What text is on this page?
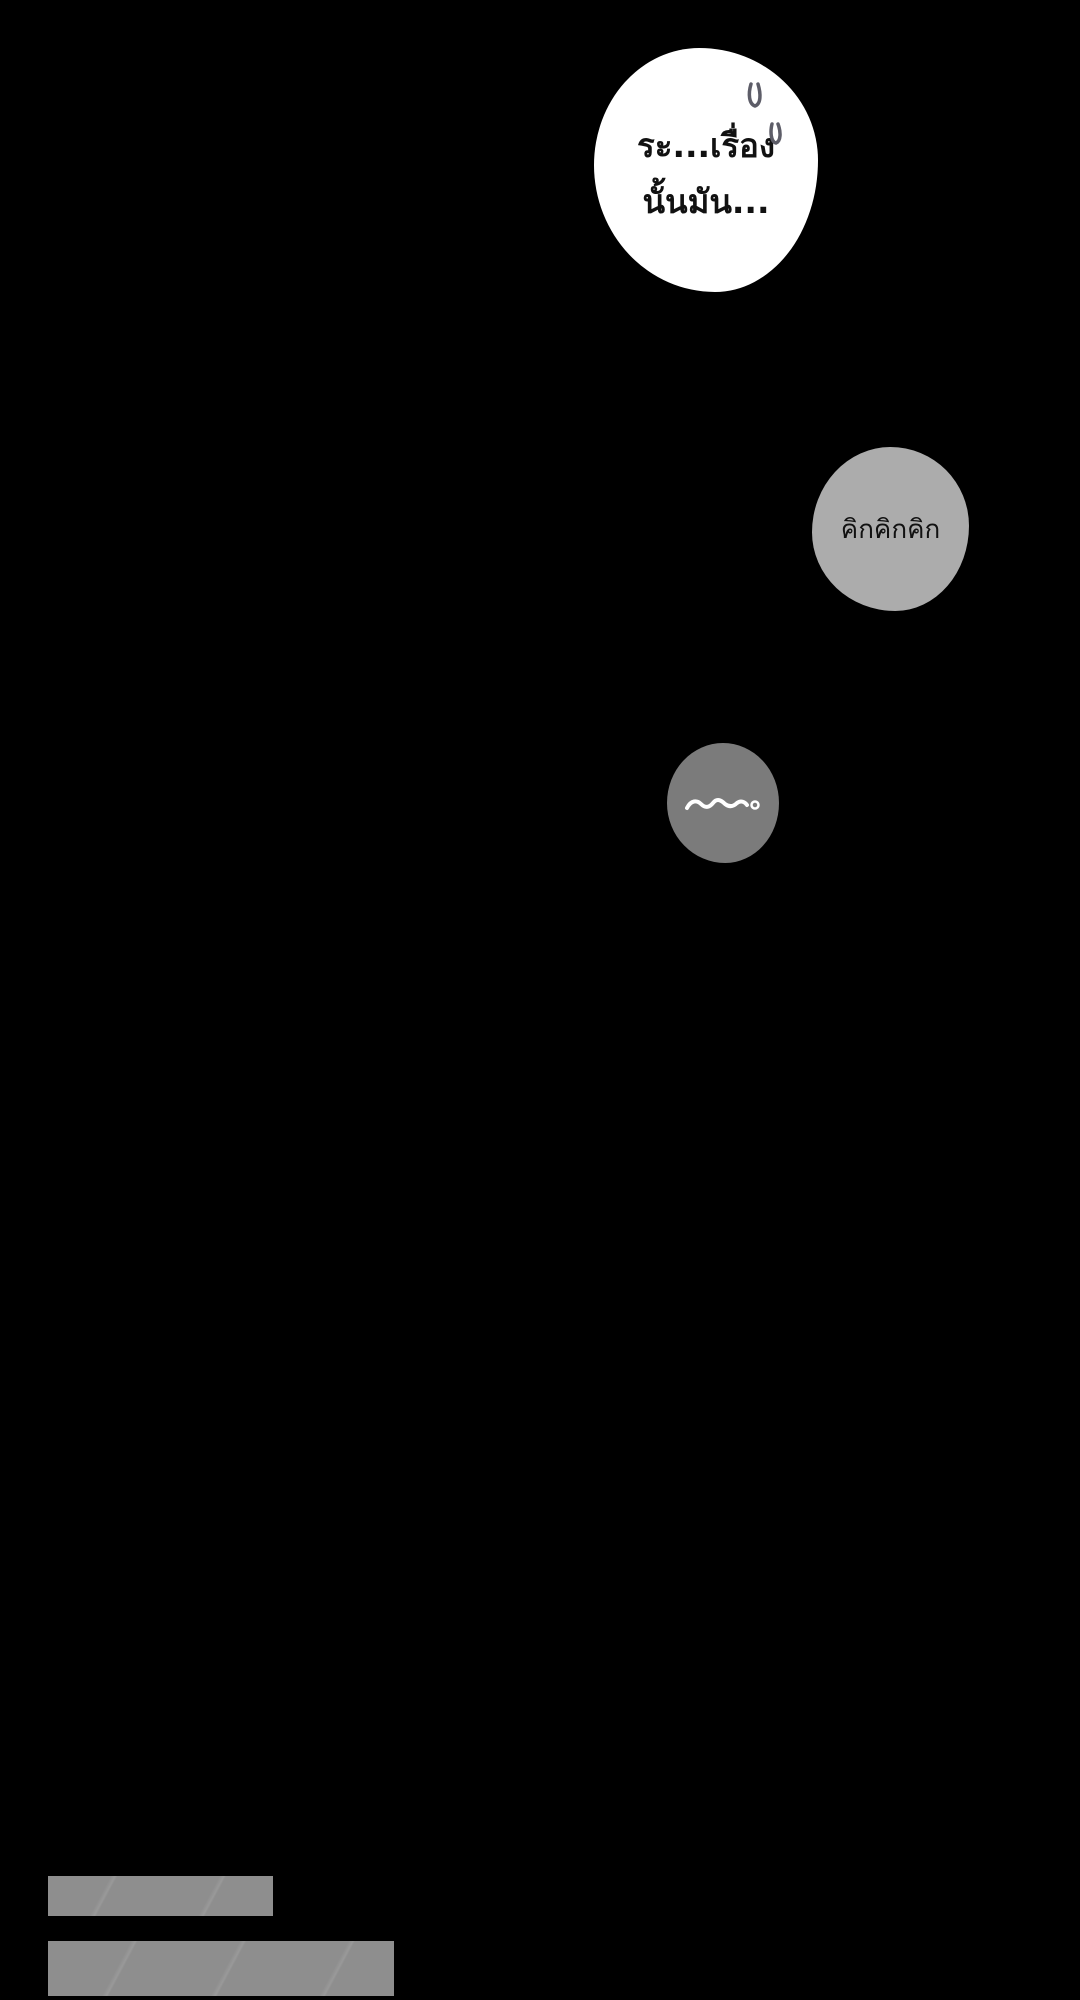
ระ...เรื่อง
นั้นมัน...
คิกคิกคิก
